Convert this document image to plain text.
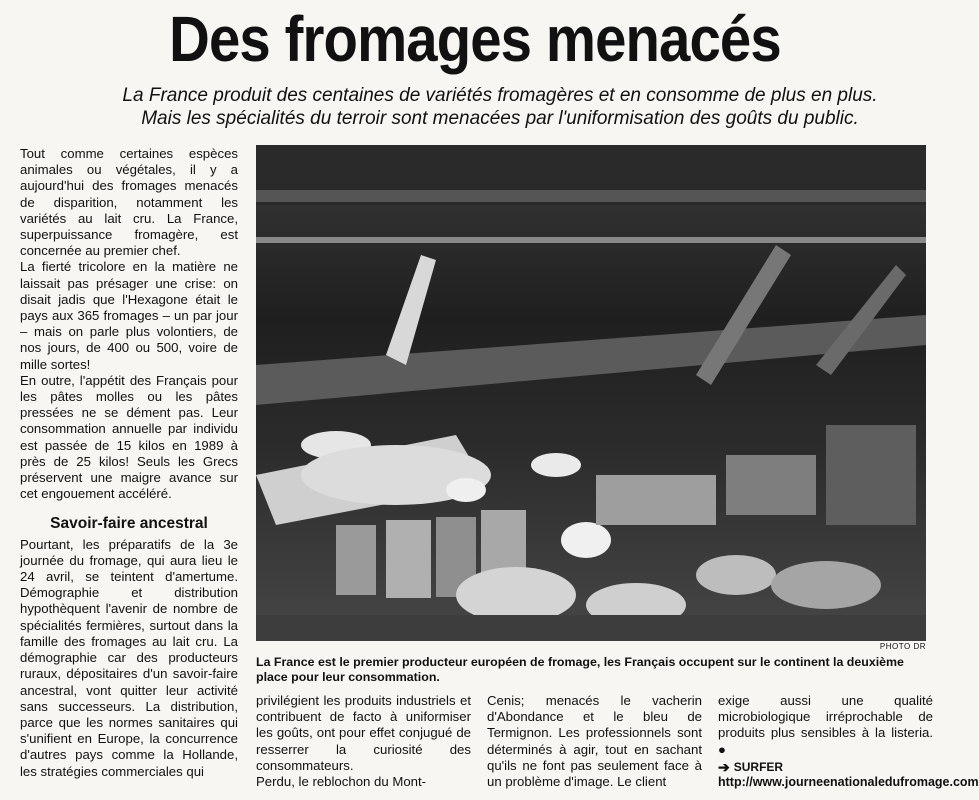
Des fromages menacés
La France produit des centaines de variétés fromagères et en consomme de plus en plus.
Mais les spécialités du terroir sont menacées par l'uniformisation des goûts du public.

Tout comme certaines espèces animales ou végétales, il y a aujourd'hui des fromages menacés de disparition, notamment les variétés au lait cru. La France, superpuissance fromagère, est concernée au premier chef.

La fierté tricolore en la matière ne laissait pas présager une crise: on disait jadis que l'Hexagone était le pays aux 365 fromages – un par jour – mais on parle plus volontiers, de nos jours, de 400 ou 500, voire de mille sortes!

En outre, l'appétit des Français pour les pâtes molles ou les pâtes pressées ne se dément pas. Leur consommation annuelle par individu est passée de 15 kilos en 1989 à près de 25 kilos! Seuls les Grecs préservent une maigre avance sur cet engouement accéléré.

Savoir-faire ancestral

Pourtant, les préparatifs de la 3e journée du fromage, qui aura lieu le 24 avril, se teintent d'amertume. Démographie et distribution hypothèquent l'avenir de nombre de spécialités fermières, surtout dans la famille des fromages au lait cru. La démographie car des producteurs ruraux, dépositaires d'un savoir-faire ancestral, vont quitter leur activité sans successeurs. La distribution, parce que les normes sanitaires qui s'unifient en Europe, la concurrence d'autres pays comme la Hollande, les stratégies commerciales qui

PHOTO DR
La France est le premier producteur européen de fromage, les Français occupent sur le continent la deuxième place pour leur consommation.

privilégient les produits industriels et contribuent de facto à uniformiser les goûts, ont pour effet conjugué de resserrer la curiosité des consommateurs.

Perdu, le reblochon du Mont-

Cenis; menacés le vacherin d'Abondance et le bleu de Termignon. Les professionnels sont déterminés à agir, tout en sachant qu'ils ne font pas seulement face à un problème d'image. Le client

exige aussi une qualité microbiologique irréprochable de produits plus sensibles à la listeria. ●

➔ SURFER
http://www.journeenationaledufromage.com
